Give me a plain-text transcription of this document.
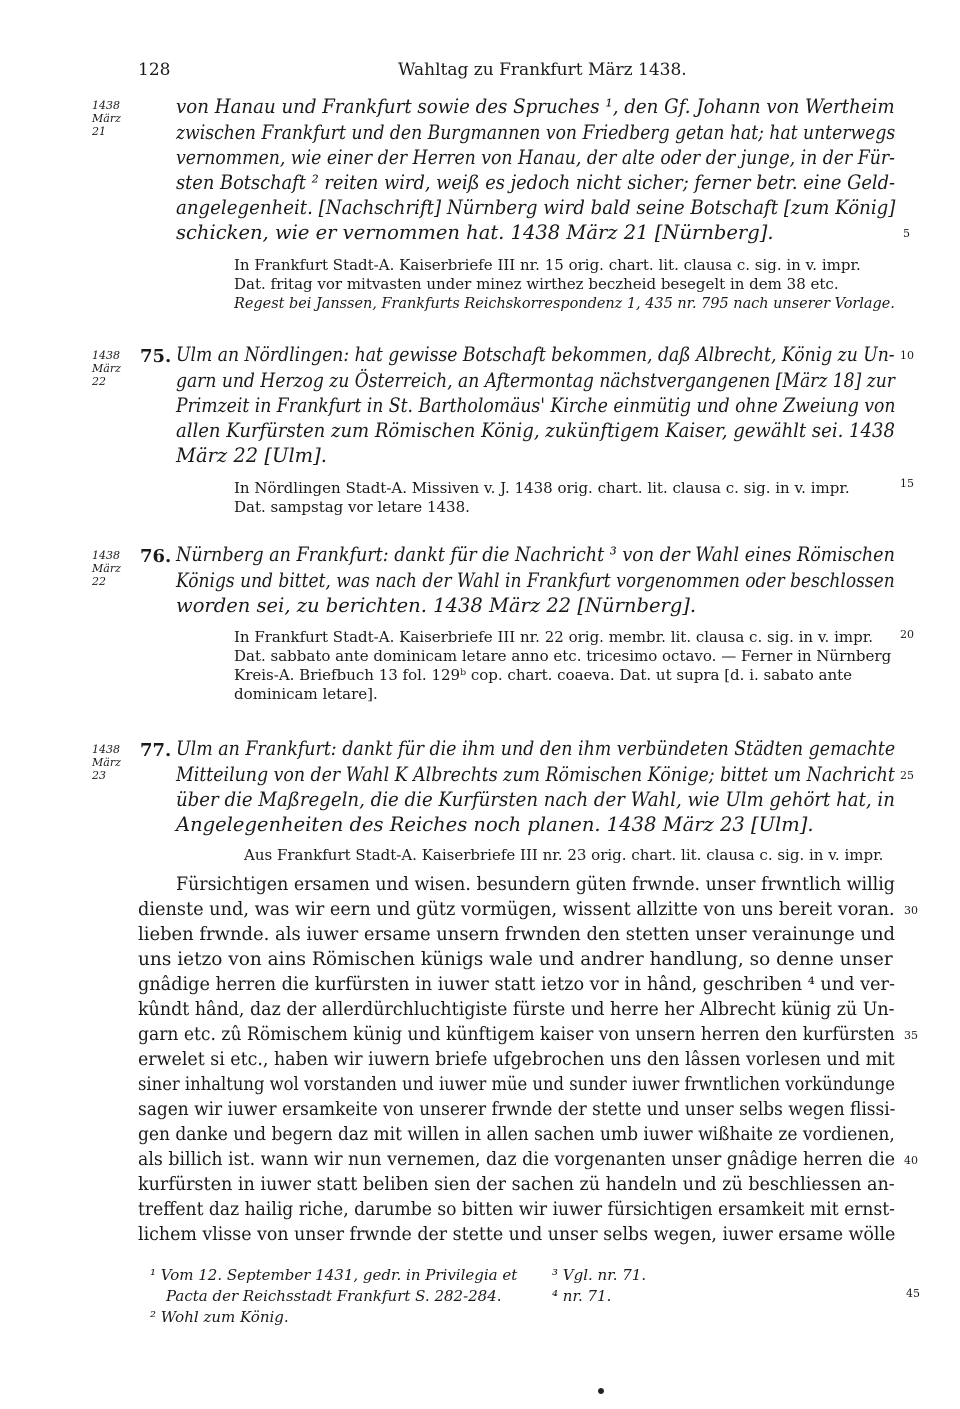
128	Wahltag zu Frankfurt März 1438.
1438 März 21
von Hanau und Frankfurt sowie des Spruches ¹, den Gf. Johann von Wertheim
zwischen Frankfurt und den Burgmannen von Friedberg getan hat; hat unterwegs
vernommen, wie einer der Herren von Hanau, der alte oder der junge, in der Für-
sten Botschaft ² reiten wird, weiß es jedoch nicht sicher; ferner betr. eine Geld-
angelegenheit. [Nachschrift] Nürnberg wird bald seine Botschaft [zum König]
schicken, wie er vernommen hat. 1438 März 21 [Nürnberg].
In Frankfurt Stadt-A. Kaiserbriefe III nr. 15 orig. chart. lit. clausa c. sig. in v. impr.
Dat. fritag vor mitvasten under minez wirthez beczheid besegelt in dem 38 etc.
Regest bei Janssen, Frankfurts Reichskorrespondenz 1, 435 nr. 795 nach unserer Vorlage.
1438 März 22
75. Ulm an Nördlingen: hat gewisse Botschaft bekommen, daß Albrecht, König zu Un-
garn und Herzog zu Österreich, an Aftermontag nächstvergangenen [März 18] zur
Primzeit in Frankfurt in St. Bartholomäus' Kirche einmütig und ohne Zweiung von
allen Kurfürsten zum Römischen König, zukünftigem Kaiser, gewählt sei. 1438
März 22 [Ulm].
In Nördlingen Stadt-A. Missiven v. J. 1438 orig. chart. lit. clausa c. sig. in v. impr.
Dat. sampstag vor letare 1438.
1438 März 22
76. Nürnberg an Frankfurt: dankt für die Nachricht ³ von der Wahl eines Römischen
Königs und bittet, was nach der Wahl in Frankfurt vorgenommen oder beschlossen
worden sei, zu berichten. 1438 März 22 [Nürnberg].
In Frankfurt Stadt-A. Kaiserbriefe III nr. 22 orig. membr. lit. clausa c. sig. in v. impr.
Dat. sabbato ante dominicam letare anno etc. tricesimo octavo. — Ferner in Nürnberg
Kreis-A. Briefbuch 13 fol. 129ᵇ cop. chart. coaeva. Dat. ut supra [d. i. sabato ante
dominicam letare].
1438 März 23
77. Ulm an Frankfurt: dankt für die ihm und den ihm verbündeten Städten gemachte
Mitteilung von der Wahl K Albrechts zum Römischen Könige; bittet um Nachricht
über die Maßregeln, die die Kurfürsten nach der Wahl, wie Ulm gehört hat, in
Angelegenheiten des Reiches noch planen. 1438 März 23 [Ulm].
Aus Frankfurt Stadt-A. Kaiserbriefe III nr. 23 orig. chart. lit. clausa c. sig. in v. impr.
Fürsichtigen ersamen und wisen. besundern güten frwnde. unser frwntlich willig
dienste und, was wir eern und gütz vormügen, wissent allzitte von uns bereit voran.
lieben frwnde. als iuwer ersame unsern frwnden den stetten unser verainunge und
uns ietzo von ains Römischen künigs wale und andrer handlung, so denne unser
gnâdige herren die kurfürsten in iuwer statt ietzo vor in hând, geschriben ⁴ und ver-
kûndt hând, daz der allerdürchluchtigiste fürste und herre her Albrecht künig zü Un-
garn etc. zû Römischem künig und künftigem kaiser von unsern herren den kurfürsten
erwelet si etc., haben wir iuwern briefe ufgebrochen uns den lâssen vorlesen und mit
siner inhaltung wol vorstanden und iuwer müe und sunder iuwer frwntlichen vorkündunge
sagen wir iuwer ersamkeite von unserer frwnde der stette und unser selbs wegen flissi-
gen danke und begern daz mit willen in allen sachen umb iuwer wißhaite ze vordienen,
als billich ist. wann wir nun vernemen, daz die vorgenanten unser gnâdige herren die
kurfürsten in iuwer statt beliben sien der sachen zü handeln und zü beschliessen an-
treffent daz hailig riche, darumbe so bitten wir iuwer fürsichtigen ersamkeit mit ernst-
lichem vlisse von unser frwnde der stette und unser selbs wegen, iuwer ersame wölle
5
10
15
20
25
30
35
40
45
¹ Vom 12. September 1431, gedr. in Privilegia et
Pacta der Reichsstadt Frankfurt S. 282-284.
² Wohl zum König.
³ Vgl. nr. 71.
⁴ nr. 71.
